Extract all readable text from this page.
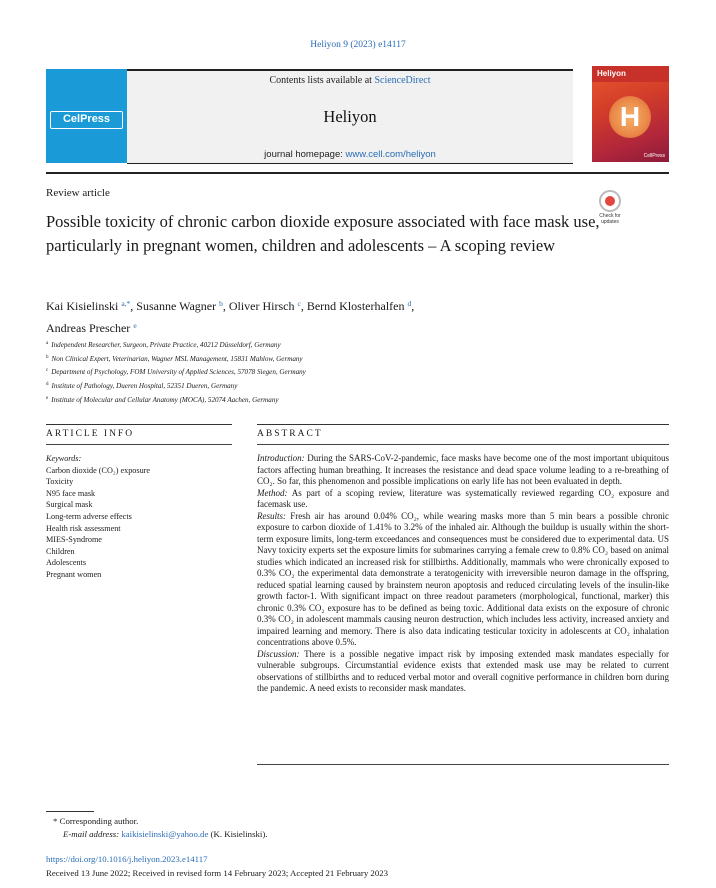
Heliyon 9 (2023) e14117
CelPress
Contents lists available at ScienceDirect
Heliyon
journal homepage: www.cell.com/heliyon
Heliyon
H
CellPress
Review article
Check for
updates
Possible toxicity of chronic carbon dioxide exposure associated with face mask use, particularly in pregnant women, children and adolescents – A scoping review
Kai Kisielinski $^{a,*}$, Susanne Wagner $^b$, Oliver Hirsch $^c$, Bernd Klosterhalfen $^d$,
Andreas Prescher $^e$
$^a$ Independent Researcher, Surgeon, Private Practice, 40212 Düsseldorf, Germany
$^b$ Non Clinical Expert, Veterinarian, Wagner MSL Management, 15831 Mahlow, Germany
$^c$ Department of Psychology, FOM University of Applied Sciences, 57078 Siegen, Germany
$^d$ Institute of Pathology, Dueren Hospital, 52351 Dueren, Germany
$^e$ Institute of Molecular and Cellular Anatomy (MOCA), 52074 Aachen, Germany
ARTICLE INFO	ABSTRACT
Keywords:
Carbon dioxide (CO₂) exposure
Toxicity
N95 face mask
Surgical mask
Long-term adverse effects
Health risk assessment
MIES-Syndrome
Children
Adolescents
Pregnant women

Introduction: During the SARS-CoV-2-pandemic, face masks have become one of the most important ubiquitous factors affecting human breathing. It increases the resistance and dead space volume leading to a re-breathing of CO₂. So far, this phenomenon and possible implications on early life has not been evaluated in depth.

Method: As part of a scoping review, literature was systematically reviewed regarding CO₂ exposure and facemask use.

Results: Fresh air has around 0.04% CO₂, while wearing masks more than 5 min bears a possible chronic exposure to carbon dioxide of 1.41% to 3.2% of the inhaled air. Although the buildup is usually within the short-term exposure limits, long-term exceedances and consequences must be considered due to experimental data. US Navy toxicity experts set the exposure limits for submarines carrying a female crew to 0.8% CO₂ based on animal studies which indicated an increased risk for stillbirths. Additionally, mammals who were chronically exposed to 0.3% CO₂ the experimental data demonstrate a teratogenicity with irreversible neuron damage in the offspring, reduced spatial learning caused by brainstem neuron apoptosis and reduced circulating levels of the insulin-like growth factor-1. With significant impact on three readout parameters (morphological, functional, marker) this chronic 0.3% CO₂ exposure has to be defined as being toxic. Additional data exists on the exposure of chronic 0.3% CO₂ in adolescent mammals causing neuron destruction, which includes less activity, increased anxiety and impaired learning and memory. There is also data indicating testicular toxicity in adolescents at CO₂ inhalation concentrations above 0.5%.

Discussion: There is a possible negative impact risk by imposing extended mask mandates especially for vulnerable subgroups. Circumstantial evidence exists that extended mask use may be related to current observations of stillbirths and to reduced verbal motor and overall cognitive performance in children born during the pandemic. A need exists to reconsider mask mandates.

* Corresponding author.
E-mail address: kaikisielinski@yahoo.de (K. Kisielinski).
https://doi.org/10.1016/j.heliyon.2023.e14117
Received 13 June 2022; Received in revised form 14 February 2023; Accepted 21 February 2023
